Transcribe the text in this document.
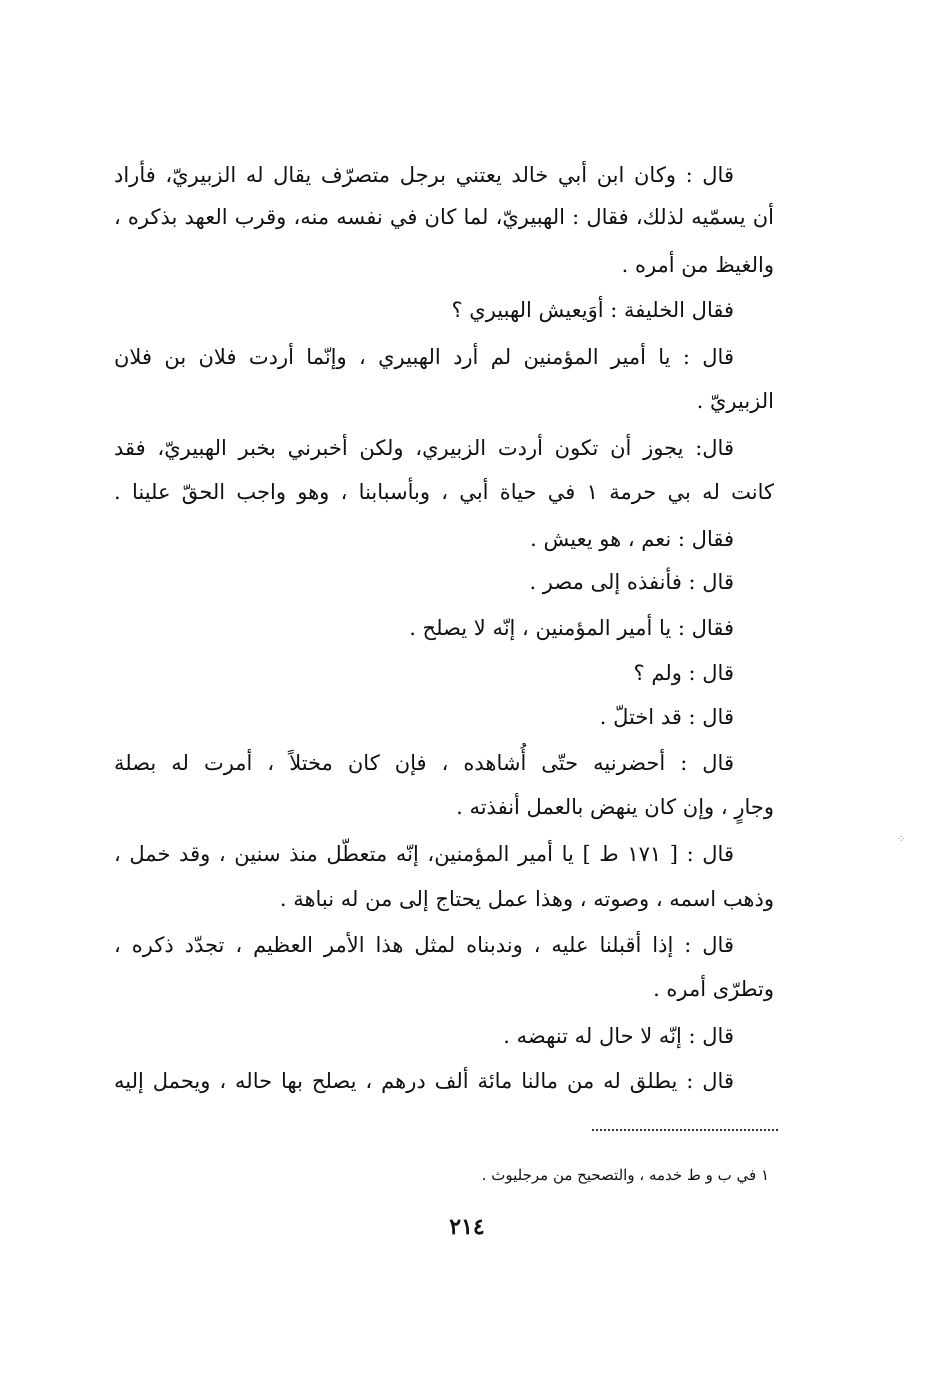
قال : وكان ابن أبي خالد يعتني برجل متصرّف يقال له الزبيريّ، فأراد
أن يسمّيه لذلك، فقال : الهبيريّ، لما كان في نفسه منه، وقرب العهد بذكره ،
والغيظ من أمره .
فقال الخليفة : أوَيعيش الهبيري ؟
قال : يا أمير المؤمنين لم أرد الهبيري ، وإنّما أردت فلان بن فلان
الزبيريّ .
قال: يجوز أن تكون أردت الزبيري، ولكن أخبرني بخبر الهبيريّ، فقد
كانت له بي حرمة ١ في حياة أبي ، وبأسبابنا ، وهو واجب الحقّ علينا .
فقال : نعم ، هو يعيش .
قال : فأنفذه إلى مصر .
فقال : يا أمير المؤمنين ، إنّه لا يصلح .
قال : ولم ؟
قال : قد اختلّ .
قال : أحضرنيه حتّى أُشاهده ، فإن كان مختلاً ، أمرت له بصلة
وجارٍ ، وإن كان ينهض بالعمل أنفذته .
قال : [ ١٧١ ط ] يا أمير المؤمنين، إنّه متعطّل منذ سنين ، وقد خمل ،
وذهب اسمه ، وصوته ، وهذا عمل يحتاج إلى من له نباهة .
قال : إذا أقبلنا عليه ، وندبناه لمثل هذا الأمر العظيم ، تجدّد ذكره ،
وتطرّى أمره .
قال : إنّه لا حال له تنهضه .
قال : يطلق له من مالنا مائة ألف درهم ، يصلح بها حاله ، ويحمل إليه
١ في ب و ط خدمه ، والتصحيح من مرجليوث .
٢١٤
⁘
